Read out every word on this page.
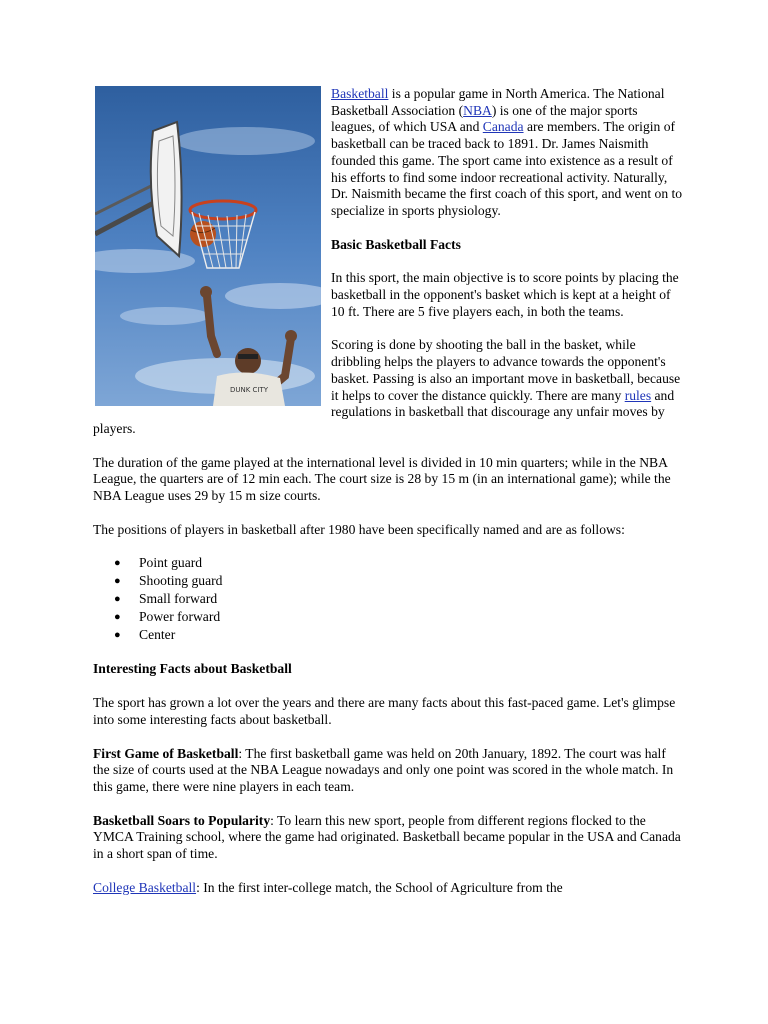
DUNK CITY

Basketball is a popular game in North America. The National Basketball Association (NBA) is one of the major sports leagues, of which USA and Canada are members. The origin of basketball can be traced back to 1891. Dr. James Naismith founded this game. The sport came into existence as a result of his efforts to find some indoor recreational activity. Naturally, Dr. Naismith became the first coach of this sport, and went on to specialize in sports physiology.

Basic Basketball Facts

In this sport, the main objective is to score points by placing the basketball in the opponent's basket which is kept at a height of 10 ft. There are 5 five players each, in both the teams.

Scoring is done by shooting the ball in the basket, while dribbling helps the players to advance towards the opponent's basket. Passing is also an important move in basketball, because it helps to cover the distance quickly. There are many rules and regulations in basketball that discourage any unfair moves by players.

The duration of the game played at the international level is divided in 10 min quarters; while in the NBA League, the quarters are of 12 min each. The court size is 28 by 15 m (in an international game); while the NBA League uses 29 by 15 m size courts.

The positions of players in basketball after 1980 have been specifically named and are as follows:

● Point guard
● Shooting guard
● Small forward
● Power forward
● Center

Interesting Facts about Basketball

The sport has grown a lot over the years and there are many facts about this fast-paced game. Let's glimpse into some interesting facts about basketball.

First Game of Basketball: The first basketball game was held on 20th January, 1892. The court was half the size of courts used at the NBA League nowadays and only one point was scored in the whole match. In this game, there were nine players in each team.

Basketball Soars to Popularity: To learn this new sport, people from different regions flocked to the YMCA Training school, where the game had originated. Basketball became popular in the USA and Canada in a short span of time.

College Basketball: In the first inter-college match, the School of Agriculture from the
